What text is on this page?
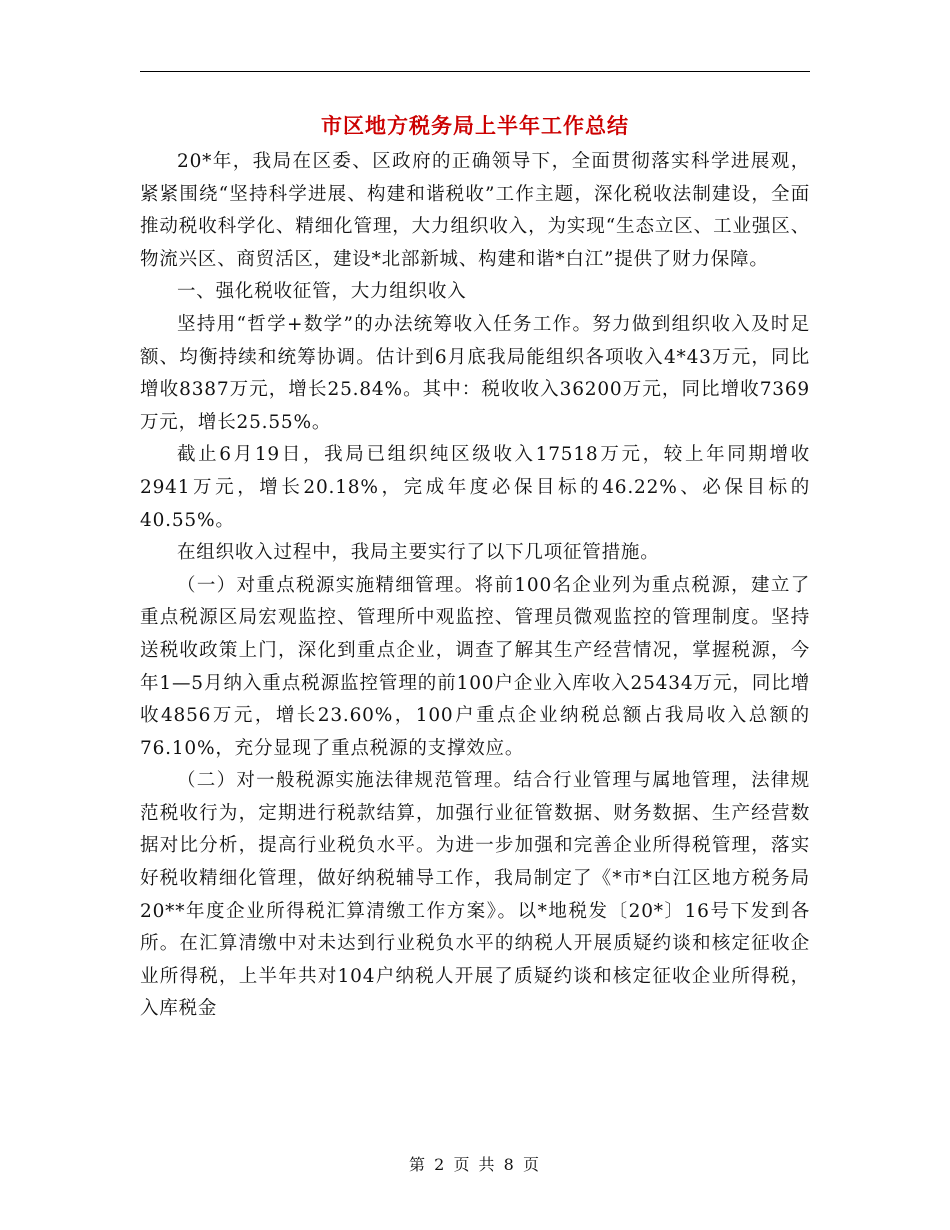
市区地方税务局上半年工作总结

20*年，我局在区委、区政府的正确领导下，全面贯彻落实科学进展观，紧紧围绕“坚持科学进展、构建和谐税收”工作主题，深化税收法制建设，全面推动税收科学化、精细化管理，大力组织收入，为实现“生态立区、工业强区、物流兴区、商贸活区，建设*北部新城、构建和谐*白江”提供了财力保障。

一、强化税收征管，大力组织收入

坚持用“哲学+数学”的办法统筹收入任务工作。努力做到组织收入及时足额、均衡持续和统筹协调。估计到6月底我局能组织各项收入4*43万元，同比增收8387万元，增长25.84%。其中：税收收入36200万元，同比增收7369万元，增长25.55%。

截止6月19日，我局已组织纯区级收入17518万元，较上年同期增收2941万元，增长20.18%，完成年度必保目标的46.22%、必保目标的40.55%。

在组织收入过程中，我局主要实行了以下几项征管措施。

（一）对重点税源实施精细管理。将前100名企业列为重点税源，建立了重点税源区局宏观监控、管理所中观监控、管理员微观监控的管理制度。坚持送税收政策上门，深化到重点企业，调查了解其生产经营情况，掌握税源，今年1—5月纳入重点税源监控管理的前100户企业入库收入25434万元，同比增收4856万元，增长23.60%，100户重点企业纳税总额占我局收入总额的76.10%，充分显现了重点税源的支撑效应。

（二）对一般税源实施法律规范管理。结合行业管理与属地管理，法律规范税收行为，定期进行税款结算，加强行业征管数据、财务数据、生产经营数据对比分析，提高行业税负水平。为进一步加强和完善企业所得税管理，落实好税收精细化管理，做好纳税辅导工作，我局制定了《*市*白江区地方税务局20**年度企业所得税汇算清缴工作方案》。以*地税发〔20*〕16号下发到各所。在汇算清缴中对未达到行业税负水平的纳税人开展质疑约谈和核定征收企业所得税，上半年共对104户纳税人开展了质疑约谈和核定征收企业所得税，入库税金

第 2 页 共 8 页
